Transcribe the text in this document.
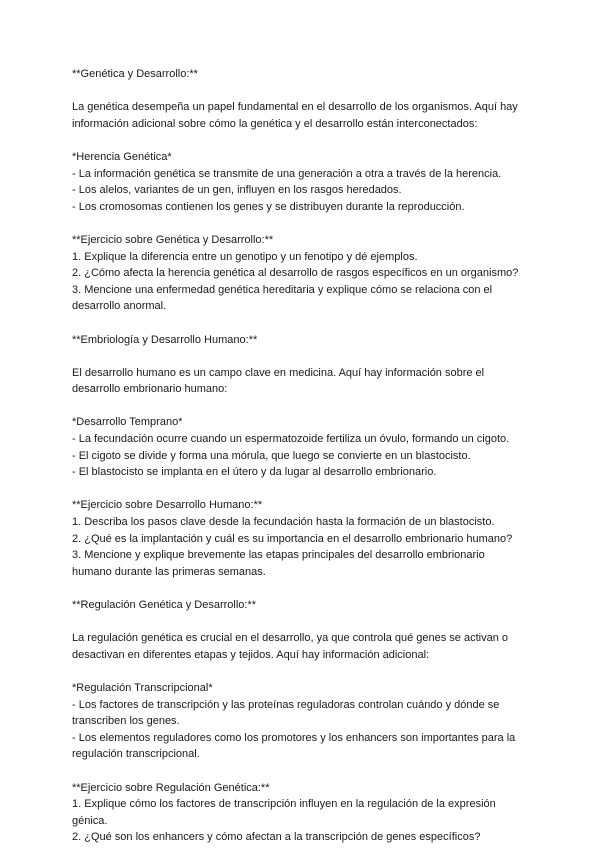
**Genética y Desarrollo:**

La genética desempeña un papel fundamental en el desarrollo de los organismos. Aquí hay
información adicional sobre cómo la genética y el desarrollo están interconectados:

*Herencia Genética*
- La información genética se transmite de una generación a otra a través de la herencia.
- Los alelos, variantes de un gen, influyen en los rasgos heredados.
- Los cromosomas contienen los genes y se distribuyen durante la reproducción.

**Ejercicio sobre Genética y Desarrollo:**
1. Explique la diferencia entre un genotipo y un fenotipo y dé ejemplos.
2. ¿Cómo afecta la herencia genética al desarrollo de rasgos específicos en un organismo?
3. Mencione una enfermedad genética hereditaria y explique cómo se relaciona con el
desarrollo anormal.

**Embriología y Desarrollo Humano:**

El desarrollo humano es un campo clave en medicina. Aquí hay información sobre el
desarrollo embrionario humano:

*Desarrollo Temprano*
- La fecundación ocurre cuando un espermatozoide fertiliza un óvulo, formando un cigoto.
- El cigoto se divide y forma una mórula, que luego se convierte en un blastocisto.
- El blastocisto se implanta en el útero y da lugar al desarrollo embrionario.

**Ejercicio sobre Desarrollo Humano:**
1. Describa los pasos clave desde la fecundación hasta la formación de un blastocisto.
2. ¿Qué es la implantación y cuál es su importancia en el desarrollo embrionario humano?
3. Mencione y explique brevemente las etapas principales del desarrollo embrionario
humano durante las primeras semanas.

**Regulación Genética y Desarrollo:**

La regulación genética es crucial en el desarrollo, ya que controla qué genes se activan o
desactivan en diferentes etapas y tejidos. Aquí hay información adicional:

*Regulación Transcripcional*
- Los factores de transcripción y las proteínas reguladoras controlan cuándo y dónde se
transcriben los genes.
- Los elementos reguladores como los promotores y los enhancers son importantes para la
regulación transcripcional.

**Ejercicio sobre Regulación Genética:**
1. Explique cómo los factores de transcripción influyen en la regulación de la expresión
génica.
2. ¿Qué son los enhancers y cómo afectan a la transcripción de genes específicos?
